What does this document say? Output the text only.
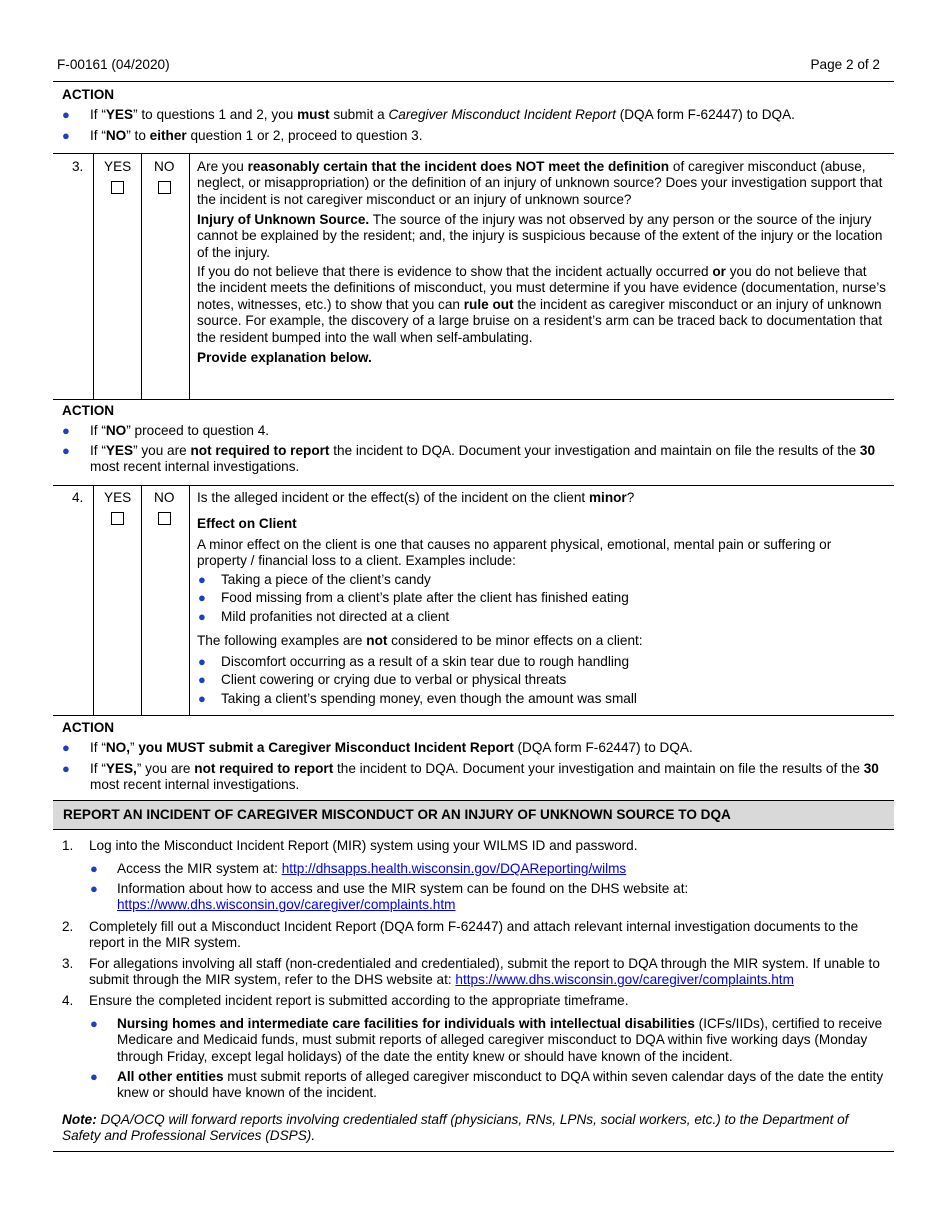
F-00161 (04/2020)	Page 2 of 2
ACTION
● If “YES” to questions 1 and 2, you must submit a Caregiver Misconduct Incident Report (DQA form F-62447) to DQA.
● If “NO” to either question 1 or 2, proceed to question 3.
3. YES NO Are you reasonably certain that the incident does NOT meet the definition of caregiver misconduct (abuse, neglect, or misappropriation) or the definition of an injury of unknown source? Does your investigation support that the incident is not caregiver misconduct or an injury of unknown source?
Injury of Unknown Source. The source of the injury was not observed by any person or the source of the injury cannot be explained by the resident; and, the injury is suspicious because of the extent of the injury or the location of the injury.
If you do not believe that there is evidence to show that the incident actually occurred or you do not believe that the incident meets the definitions of misconduct, you must determine if you have evidence (documentation, nurse’s notes, witnesses, etc.) to show that you can rule out the incident as caregiver misconduct or an injury of unknown source. For example, the discovery of a large bruise on a resident’s arm can be traced back to documentation that the resident bumped into the wall when self-ambulating.
Provide explanation below.
ACTION
● If “NO” proceed to question 4.
● If “YES” you are not required to report the incident to DQA. Document your investigation and maintain on file the results of the 30 most recent internal investigations.
4. YES NO Is the alleged incident or the effect(s) of the incident on the client minor?
Effect on Client
A minor effect on the client is one that causes no apparent physical, emotional, mental pain or suffering or property / financial loss to a client. Examples include:
● Taking a piece of the client’s candy
● Food missing from a client’s plate after the client has finished eating
● Mild profanities not directed at a client
The following examples are not considered to be minor effects on a client:
● Discomfort occurring as a result of a skin tear due to rough handling
● Client cowering or crying due to verbal or physical threats
● Taking a client’s spending money, even though the amount was small
ACTION
● If “NO,” you MUST submit a Caregiver Misconduct Incident Report (DQA form F-62447) to DQA.
● If “YES,” you are not required to report the incident to DQA. Document your investigation and maintain on file the results of the 30 most recent internal investigations.
REPORT AN INCIDENT OF CAREGIVER MISCONDUCT OR AN INJURY OF UNKNOWN SOURCE TO DQA
1. Log into the Misconduct Incident Report (MIR) system using your WILMS ID and password.
● Access the MIR system at: http://dhsapps.health.wisconsin.gov/DQAReporting/wilms
● Information about how to access and use the MIR system can be found on the DHS website at: https://www.dhs.wisconsin.gov/caregiver/complaints.htm
2. Completely fill out a Misconduct Incident Report (DQA form F-62447) and attach relevant internal investigation documents to the report in the MIR system.
3. For allegations involving all staff (non-credentialed and credentialed), submit the report to DQA through the MIR system. If unable to submit through the MIR system, refer to the DHS website at: https://www.dhs.wisconsin.gov/caregiver/complaints.htm
4. Ensure the completed incident report is submitted according to the appropriate timeframe.
● Nursing homes and intermediate care facilities for individuals with intellectual disabilities (ICFs/IIDs), certified to receive Medicare and Medicaid funds, must submit reports of alleged caregiver misconduct to DQA within five working days (Monday through Friday, except legal holidays) of the date the entity knew or should have known of the incident.
● All other entities must submit reports of alleged caregiver misconduct to DQA within seven calendar days of the date the entity knew or should have known of the incident.
Note: DQA/OCQ will forward reports involving credentialed staff (physicians, RNs, LPNs, social workers, etc.) to the Department of Safety and Professional Services (DSPS).
